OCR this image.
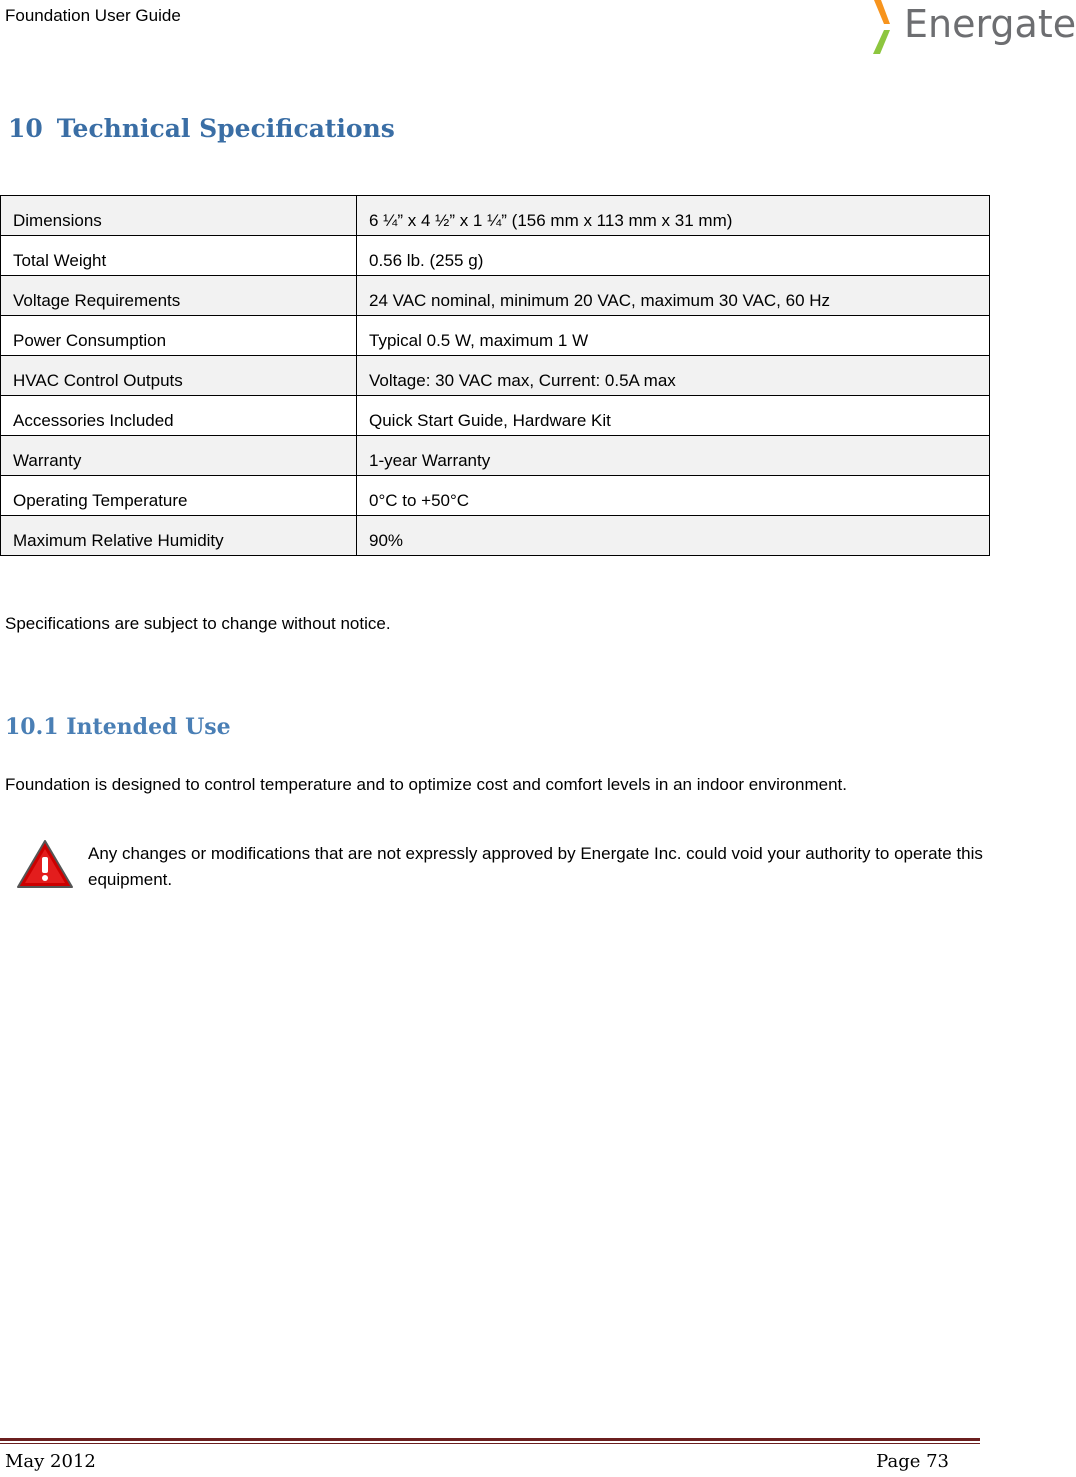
Foundation User Guide	Energate
10 Technical Specifications
Dimensions	6 ¼” x 4 ½” x 1 ¼” (156 mm x 113 mm x 31 mm)
Total Weight	0.56 lb. (255 g)
Voltage Requirements	24 VAC nominal, minimum 20 VAC, maximum 30 VAC, 60 Hz
Power Consumption	Typical 0.5 W, maximum 1 W
HVAC Control Outputs	Voltage: 30 VAC max, Current: 0.5A max
Accessories Included	Quick Start Guide, Hardware Kit
Warranty	1-year Warranty
Operating Temperature	0°C to +50°C
Maximum Relative Humidity	90%
Specifications are subject to change without notice.
10.1 Intended Use
Foundation is designed to control temperature and to optimize cost and comfort levels in an indoor environment.
Any changes or modifications that are not expressly approved by Energate Inc. could void your authority to operate this equipment.
May 2012	Page 73
